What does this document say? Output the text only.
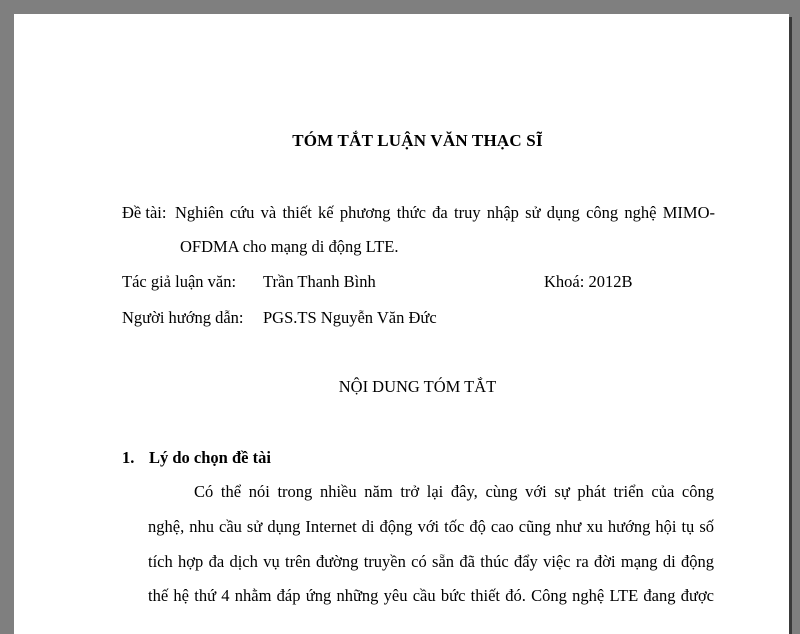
TÓM TẮT LUẬN VĂN THẠC SĨ
Đề tài: Nghiên cứu và thiết kế phương thức đa truy nhập sử dụng công nghệ MIMO-
OFDMA cho mạng di động LTE.
Tác giả luận văn: Trần Thanh Bình	Khoá: 2012B
Người hướng dẫn: PGS.TS Nguyễn Văn Đức
NỘI DUNG TÓM TẮT
1. Lý do chọn đề tài
Có thể nói trong nhiều năm trở lại đây, cùng với sự phát triển của công
nghệ, nhu cầu sử dụng Internet di động với tốc độ cao cũng như xu hướng hội tụ số
tích hợp đa dịch vụ trên đường truyền có sẵn đã thúc đẩy việc ra đời mạng di động
thế hệ thứ 4 nhằm đáp ứng những yêu cầu bức thiết đó. Công nghệ LTE đang được
